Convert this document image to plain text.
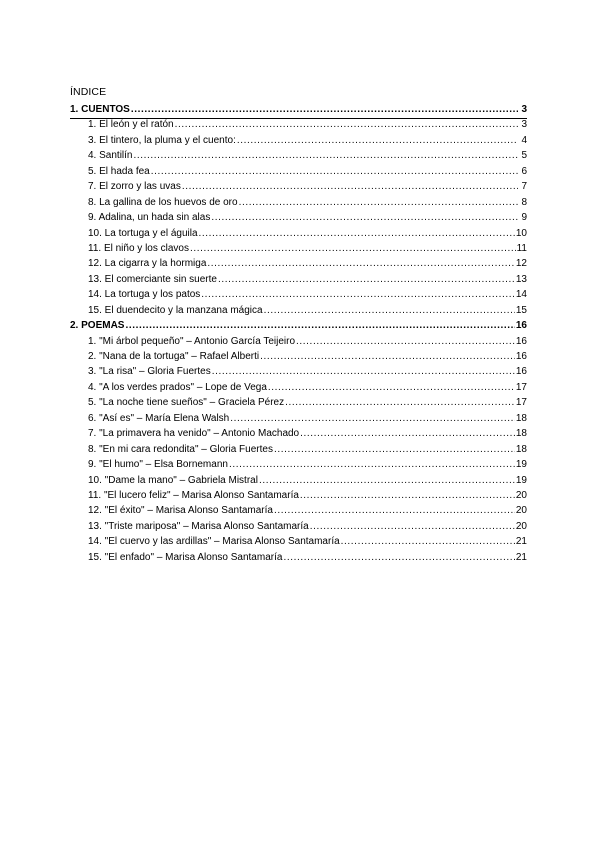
ÍNDICE
1. CUENTOS .....	3
1. El león y el ratón .....	3
3. El tintero, la pluma y el cuento: .....	4
4. Santilín .....	5
5. El hada fea .....	6
7. El zorro y las uvas .....	7
8. La gallina de los huevos de oro .....	8
9. Adalina, un hada sin alas .....	9
10. La tortuga y el águila .....	10
11. El niño y los clavos .....	11
12. La cigarra y la hormiga .....	12
13. El comerciante sin suerte .....	13
14. La tortuga y los patos .....	14
15. El duendecito y la manzana mágica .....	15
2. POEMAS .....	16
1. "Mi árbol pequeño" – Antonio García Teijeiro .....	16
2. "Nana de la tortuga" – Rafael Alberti .....	16
3. "La risa" – Gloria Fuertes .....	16
4. "A los verdes prados" – Lope de Vega .....	17
5. "La noche tiene sueños" – Graciela Pérez .....	17
6. "Así es" – María Elena Walsh .....	18
7. "La primavera ha venido" – Antonio Machado .....	18
8. "En mi cara redondita" – Gloria Fuertes .....	18
9. "El humo" – Elsa Bornemann .....	19
10. "Dame la mano" – Gabriela Mistral .....	19
11. "El lucero feliz" – Marisa Alonso Santamaría .....	20
12. "El éxito" – Marisa Alonso Santamaría .....	20
13. "Triste mariposa" – Marisa Alonso Santamaría .....	20
14. "El cuervo y las ardillas" – Marisa Alonso Santamaría .....	21
15. "El enfado" – Marisa Alonso Santamaría .....	21
